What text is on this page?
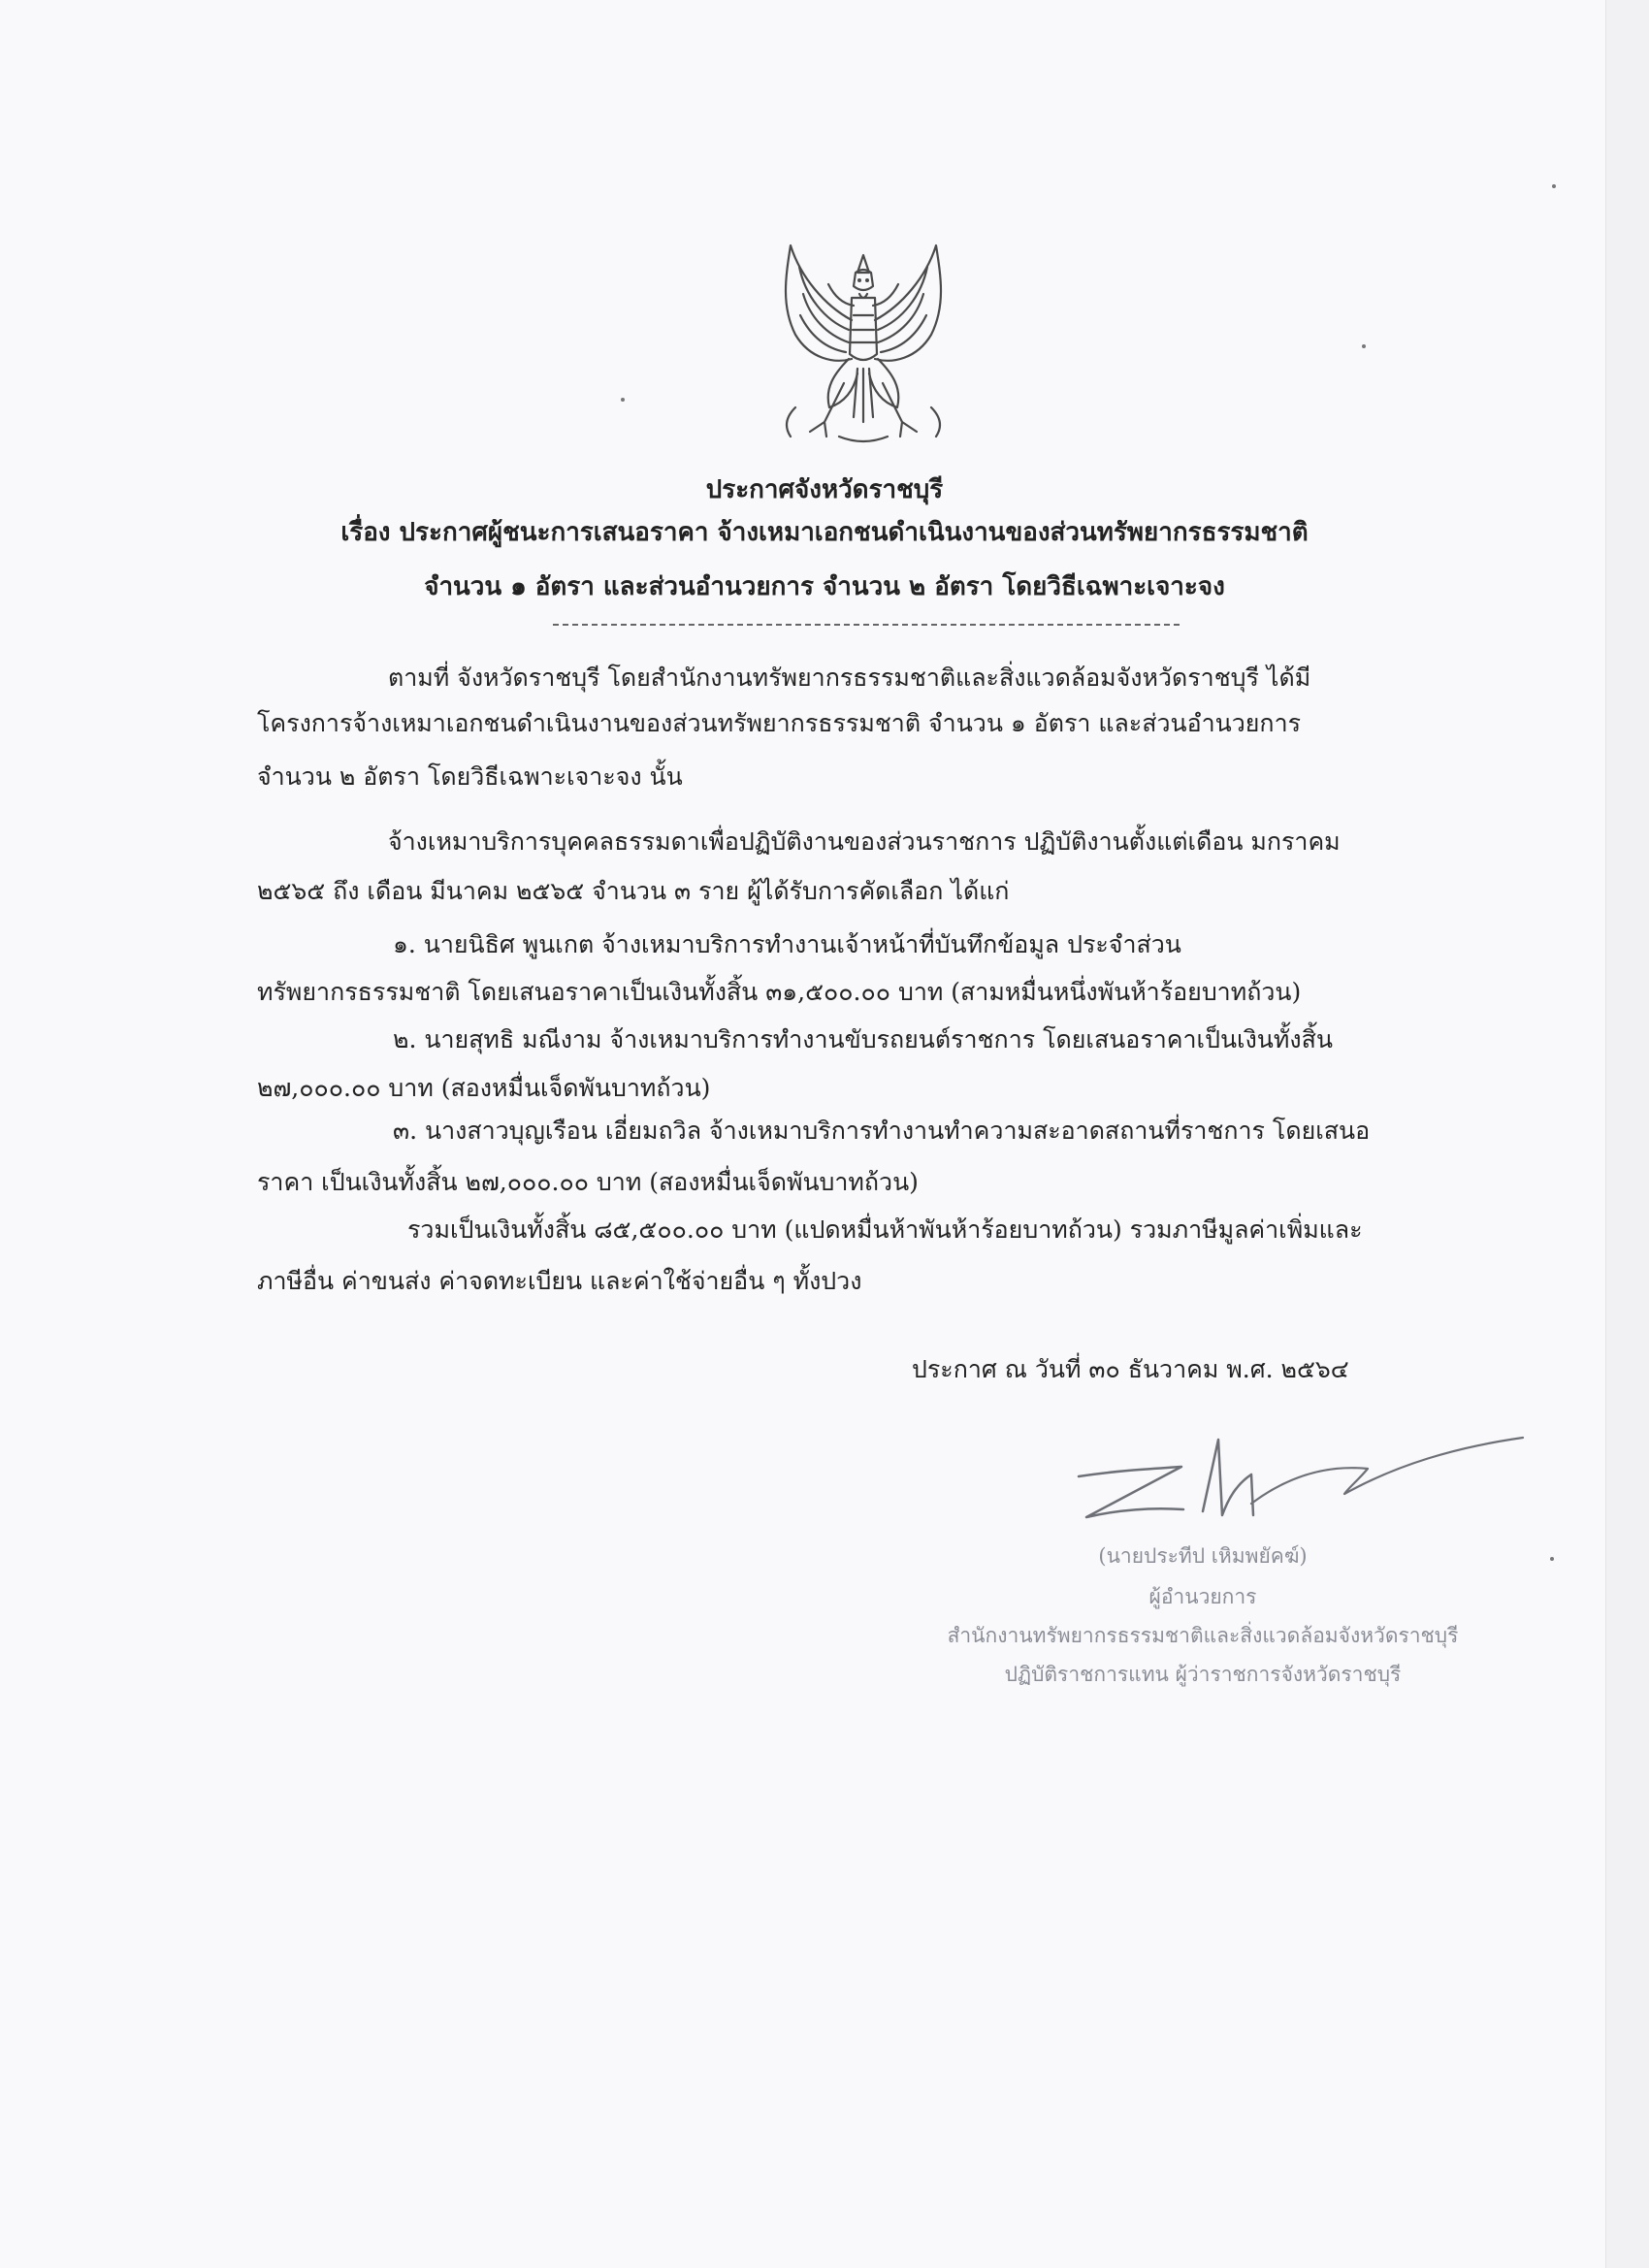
ประกาศจังหวัดราชบุรี
เรื่อง ประกาศผู้ชนะการเสนอราคา จ้างเหมาเอกชนดำเนินงานของส่วนทรัพยากรธรรมชาติ
จำนวน ๑ อัตรา และส่วนอำนวยการ จำนวน ๒ อัตรา โดยวิธีเฉพาะเจาะจง
ตามที่ จังหวัดราชบุรี โดยสำนักงานทรัพยากรธรรมชาติและสิ่งแวดล้อมจังหวัดราชบุรี ได้มี
โครงการจ้างเหมาเอกชนดำเนินงานของส่วนทรัพยากรธรรมชาติ จำนวน ๑ อัตรา และส่วนอำนวยการ
จำนวน ๒ อัตรา โดยวิธีเฉพาะเจาะจง นั้น
จ้างเหมาบริการบุคคลธรรมดาเพื่อปฏิบัติงานของส่วนราชการ ปฏิบัติงานตั้งแต่เดือน มกราคม
๒๕๖๕ ถึง เดือน มีนาคม ๒๕๖๕ จำนวน ๓ ราย ผู้ได้รับการคัดเลือก ได้แก่
๑. นายนิธิศ พูนเกต จ้างเหมาบริการทำงานเจ้าหน้าที่บันทึกข้อมูล ประจำส่วน
ทรัพยากรธรรมชาติ โดยเสนอราคาเป็นเงินทั้งสิ้น ๓๑,๕๐๐.๐๐ บาท (สามหมื่นหนึ่งพันห้าร้อยบาทถ้วน)
๒. นายสุทธิ มณีงาม จ้างเหมาบริการทำงานขับรถยนต์ราชการ โดยเสนอราคาเป็นเงินทั้งสิ้น
๒๗,๐๐๐.๐๐ บาท (สองหมื่นเจ็ดพันบาทถ้วน)
๓. นางสาวบุญเรือน เอี่ยมถวิล จ้างเหมาบริการทำงานทำความสะอาดสถานที่ราชการ โดยเสนอ
ราคา เป็นเงินทั้งสิ้น ๒๗,๐๐๐.๐๐ บาท (สองหมื่นเจ็ดพันบาทถ้วน)
รวมเป็นเงินทั้งสิ้น ๘๕,๕๐๐.๐๐ บาท (แปดหมื่นห้าพันห้าร้อยบาทถ้วน) รวมภาษีมูลค่าเพิ่มและ
ภาษีอื่น ค่าขนส่ง ค่าจดทะเบียน และค่าใช้จ่ายอื่น ๆ ทั้งปวง
ประกาศ ณ วันที่ ๓๐ ธันวาคม พ.ศ. ๒๕๖๔
(นายประทีป เหิมพยัคฆ์)
ผู้อำนวยการ
สำนักงานทรัพยากรธรรมชาติและสิ่งแวดล้อมจังหวัดราชบุรี
ปฏิบัติราชการแทน ผู้ว่าราชการจังหวัดราชบุรี
